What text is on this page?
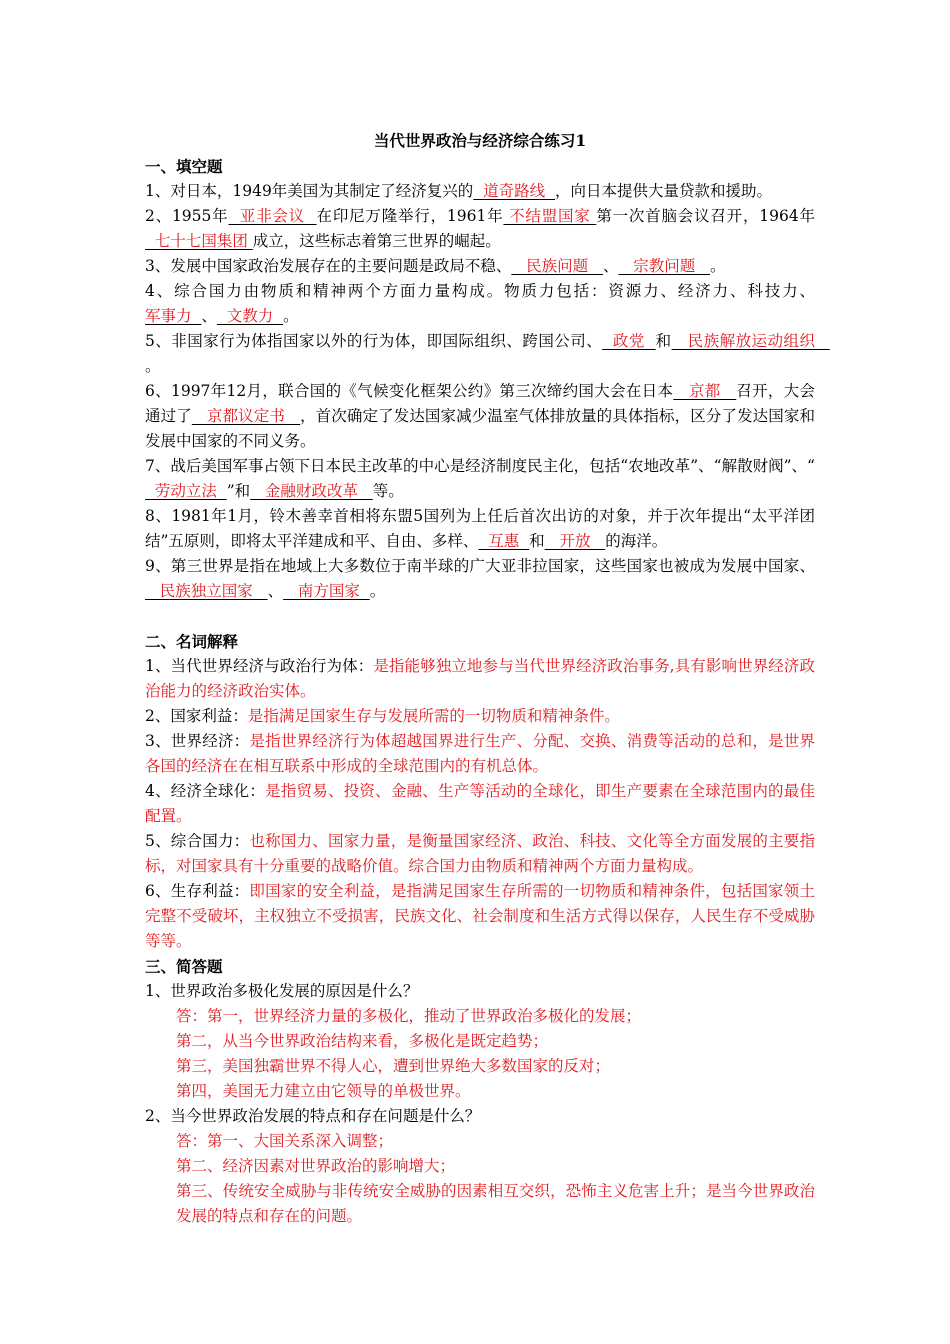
当代世界政治与经济综合练习1

一、填空题

1、对日本，1949年美国为其制定了经济复兴的  道奇路线  ，向日本提供大量贷款和援助。

2、1955年  亚非会议  在印尼万隆举行，1961年 不结盟国家 第一次首脑会议召开，1964年  七十七国集团 成立，这些标志着第三世界的崛起。

3、发展中国家政治发展存在的主要问题是政局不稳、   民族问题   、   宗教问题   。

4、综合国力由物质和精神两个方面力量构成。物质力包括：资源力、经济力、科技力、军事力  、  文教力  。

5、非国家行为体指国家以外的行为体，即国际组织、跨国公司、  政党  和   民族解放运动组织   。

6、1997年12月，联合国的《气候变化框架公约》第三次缔约国大会在日本   京都   召开，大会通过了   京都议定书   ，首次确定了发达国家减少温室气体排放量的具体指标，区分了发达国家和发展中国家的不同义务。

7、战后美国军事占领下日本民主改革的中心是经济制度民主化，包括“农地改革”、“解散财阀”、“  劳动立法  ”和   金融财政改革   等。

8、1981年1月，铃木善幸首相将东盟5国列为上任后首次出访的对象，并于次年提出“太平洋团结”五原则，即将太平洋建成和平、自由、多样、  互惠  和   开放   的海洋。

9、第三世界是指在地域上大多数位于南半球的广大亚非拉国家，这些国家也被成为发展中国家、   民族独立国家   、   南方国家  。

二、名词解释

1、当代世界经济与政治行为体：是指能够独立地参与当代世界经济政治事务,具有影响世界经济政治能力的经济政治实体。

2、国家利益：是指满足国家生存与发展所需的一切物质和精神条件。

3、世界经济：是指世界经济行为体超越国界进行生产、分配、交换、消费等活动的总和，是世界各国的经济在在相互联系中形成的全球范围内的有机总体。

4、经济全球化：是指贸易、投资、金融、生产等活动的全球化，即生产要素在全球范围内的最佳配置。

5、综合国力：也称国力、国家力量，是衡量国家经济、政治、科技、文化等全方面发展的主要指标，对国家具有十分重要的战略价值。综合国力由物质和精神两个方面力量构成。

6、生存利益：即国家的安全利益，是指满足国家生存所需的一切物质和精神条件，包括国家领土完整不受破坏，主权独立不受损害，民族文化、社会制度和生活方式得以保存，人民生存不受威胁等等。

三、简答题

1、世界政治多极化发展的原因是什么？

答：第一，世界经济力量的多极化，推动了世界政治多极化的发展；

第二，从当今世界政治结构来看，多极化是既定趋势；

第三，美国独霸世界不得人心，遭到世界绝大多数国家的反对；

第四，美国无力建立由它领导的单极世界。

2、当今世界政治发展的特点和存在问题是什么？

答：第一、大国关系深入调整；

第二、经济因素对世界政治的影响增大；

第三、传统安全威胁与非传统安全威胁的因素相互交织，恐怖主义危害上升；是当今世界政治发展的特点和存在的问题。
